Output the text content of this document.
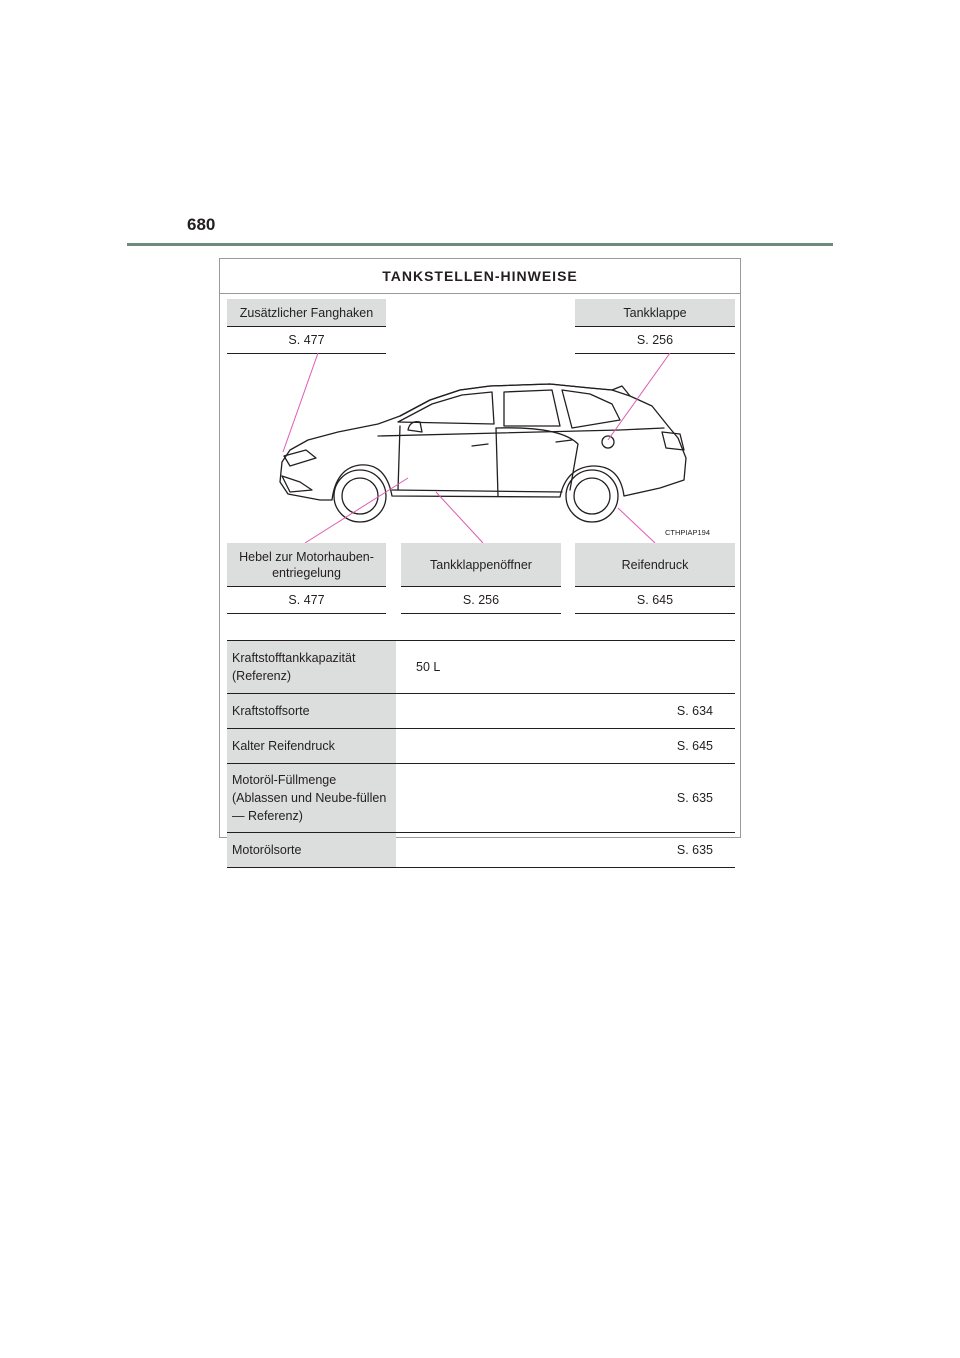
680
TANKSTELLEN-HINWEISE
Zusätzlicher Fanghaken
S. 477
Tankklappe
S. 256
CTHPIAP194
Hebel zur Motorhauben-entriegelung
S. 477
Tankklappenöffner
S. 256
Reifendruck
S. 645
Kraftstofftankkapazität (Referenz)	50 L
Kraftstoffsorte	S. 634
Kalter Reifendruck	S. 645
Motoröl-Füllmenge (Ablassen und Neube-füllen — Referenz)	S. 635
Motorölsorte	S. 635
